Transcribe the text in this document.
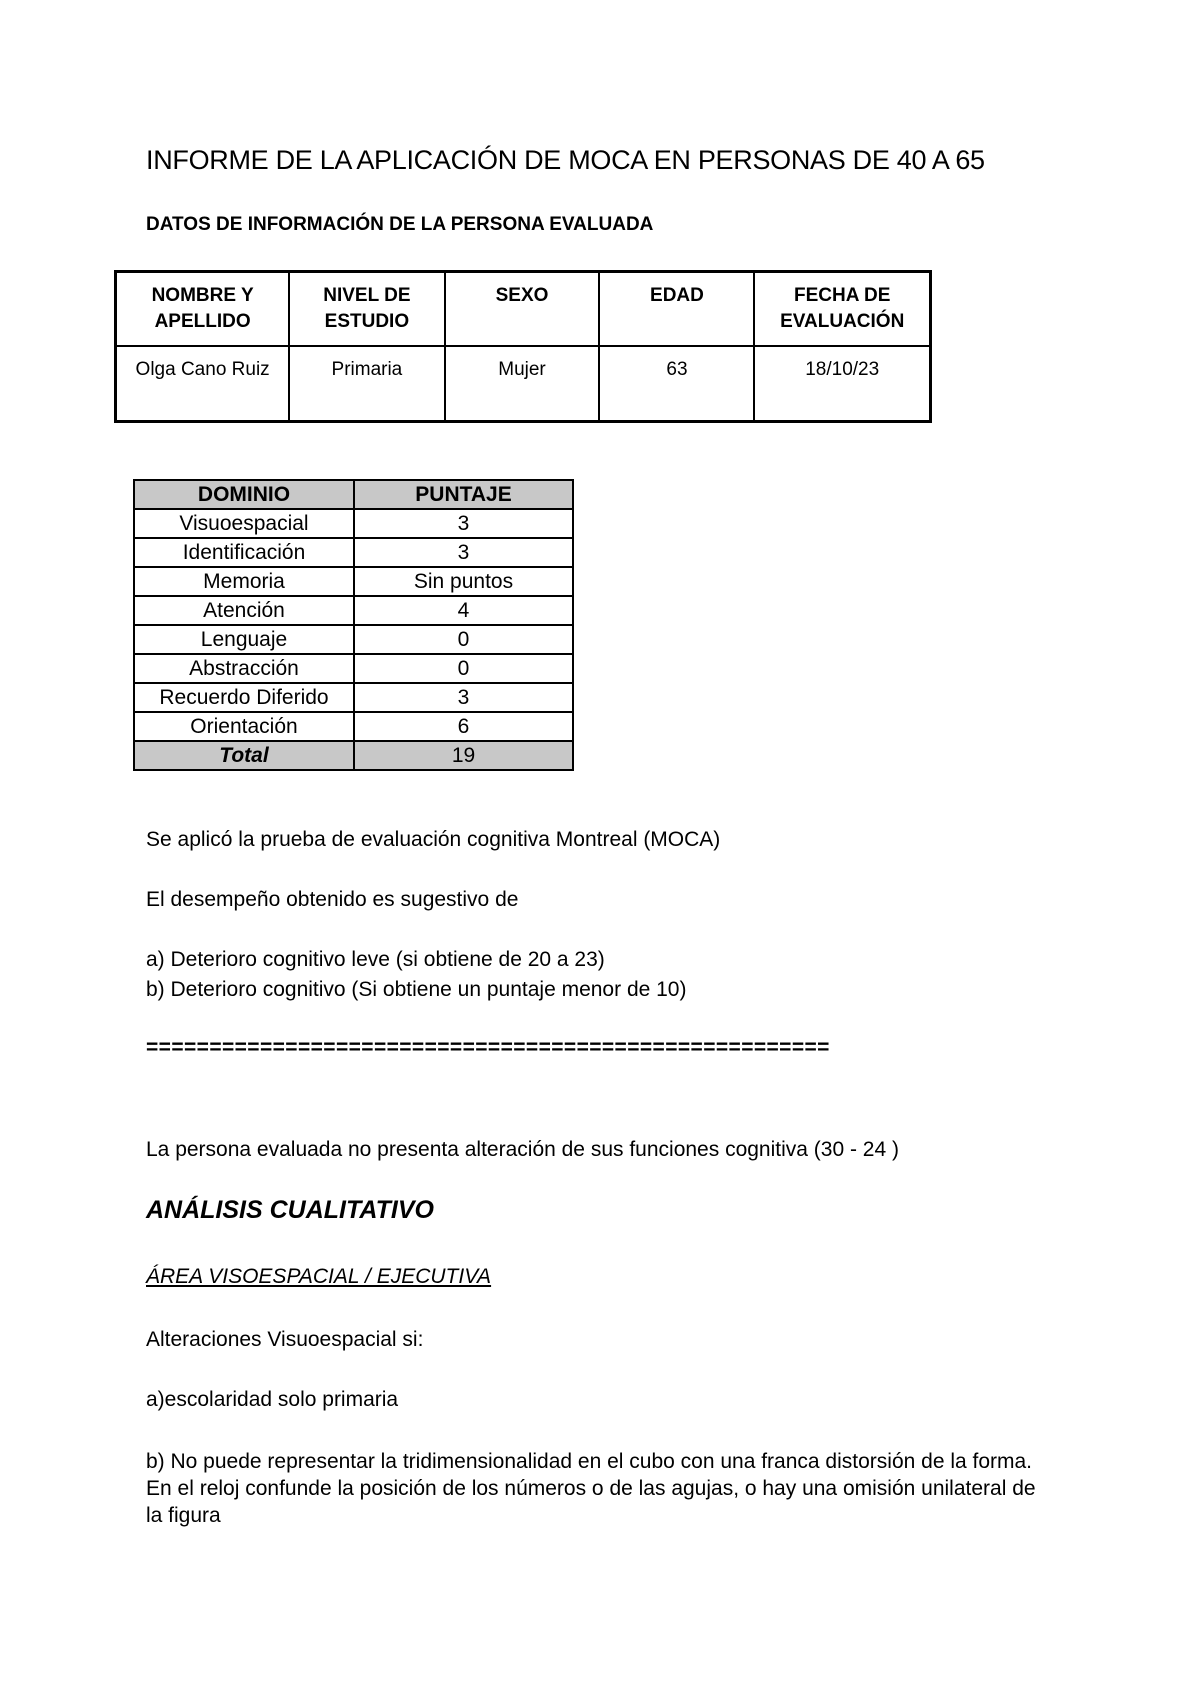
INFORME DE LA APLICACIÓN DE MOCA EN PERSONAS DE 40 A 65
DATOS DE INFORMACIÓN DE LA PERSONA EVALUADA
NOMBRE Y APELLIDO	NIVEL DE ESTUDIO	SEXO	EDAD	FECHA DE EVALUACIÓN
Olga Cano Ruiz	Primaria	Mujer	63	18/10/23
DOMINIO	PUNTAJE
Visuoespacial	3
Identificación	3
Memoria	Sin puntos
Atención	4
Lenguaje	0
Abstracción	0
Recuerdo Diferido	3
Orientación	6
Total	19

Se aplicó la prueba de evaluación cognitiva Montreal (MOCA)

El desempeño obtenido es sugestivo de

a) Deterioro cognitivo leve (si obtiene de 20 a 23)

b) Deterioro cognitivo (Si obtiene un puntaje menor de 10)

======================================================

La persona evaluada no presenta alteración de sus funciones cognitiva (30 - 24 )

ANÁLISIS CUALITATIVO

ÁREA VISOESPACIAL / EJECUTIVA

Alteraciones Visuoespacial si:

a)escolaridad solo primaria

b) No puede representar la tridimensionalidad en el cubo con una franca distorsión de la forma. En el reloj confunde la posición de los números o de las agujas, o hay una omisión unilateral de la figura
